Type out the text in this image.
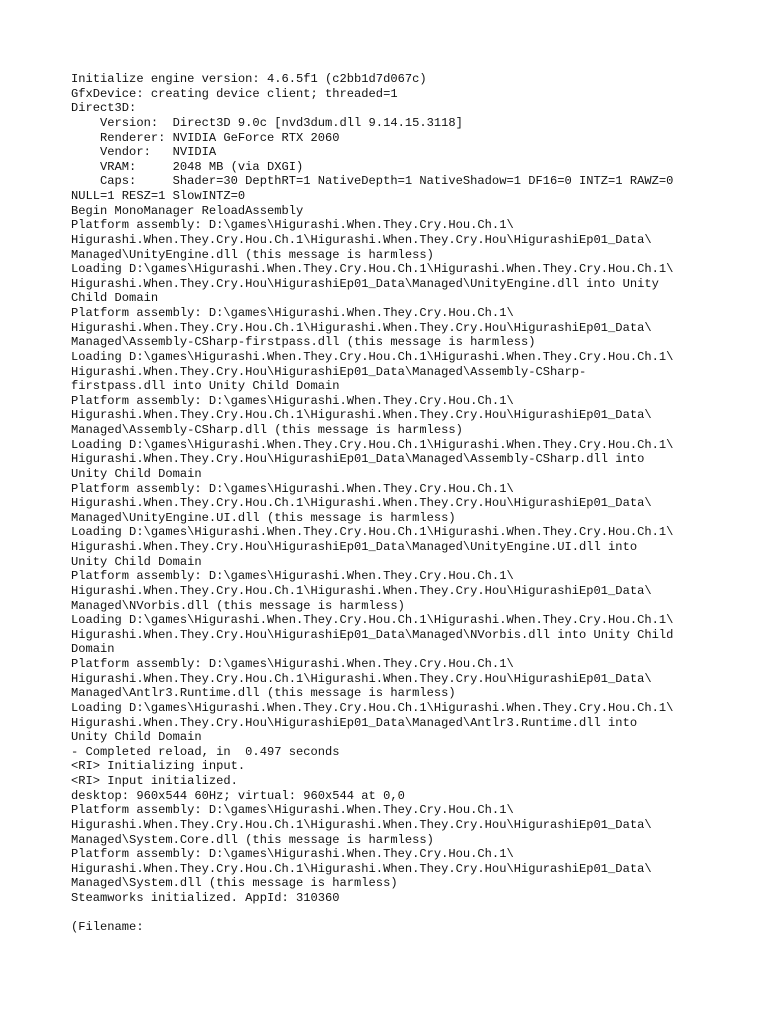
Initialize engine version: 4.6.5f1 (c2bb1d7d067c)
GfxDevice: creating device client; threaded=1
Direct3D:
Version:  Direct3D 9.0c [nvd3dum.dll 9.14.15.3118]
Renderer: NVIDIA GeForce RTX 2060
Vendor:   NVIDIA
VRAM:     2048 MB (via DXGI)
Caps:     Shader=30 DepthRT=1 NativeDepth=1 NativeShadow=1 DF16=0 INTZ=1 RAWZ=0
NULL=1 RESZ=1 SlowINTZ=0
Begin MonoManager ReloadAssembly
Platform assembly: D:\games\Higurashi.When.They.Cry.Hou.Ch.1\
Higurashi.When.They.Cry.Hou.Ch.1\Higurashi.When.They.Cry.Hou\HigurashiEp01_Data\
Managed\UnityEngine.dll (this message is harmless)
Loading D:\games\Higurashi.When.They.Cry.Hou.Ch.1\Higurashi.When.They.Cry.Hou.Ch.1\
Higurashi.When.They.Cry.Hou\HigurashiEp01_Data\Managed\UnityEngine.dll into Unity
Child Domain
Platform assembly: D:\games\Higurashi.When.They.Cry.Hou.Ch.1\
Higurashi.When.They.Cry.Hou.Ch.1\Higurashi.When.They.Cry.Hou\HigurashiEp01_Data\
Managed\Assembly-CSharp-firstpass.dll (this message is harmless)
Loading D:\games\Higurashi.When.They.Cry.Hou.Ch.1\Higurashi.When.They.Cry.Hou.Ch.1\
Higurashi.When.They.Cry.Hou\HigurashiEp01_Data\Managed\Assembly-CSharp-
firstpass.dll into Unity Child Domain
Platform assembly: D:\games\Higurashi.When.They.Cry.Hou.Ch.1\
Higurashi.When.They.Cry.Hou.Ch.1\Higurashi.When.They.Cry.Hou\HigurashiEp01_Data\
Managed\Assembly-CSharp.dll (this message is harmless)
Loading D:\games\Higurashi.When.They.Cry.Hou.Ch.1\Higurashi.When.They.Cry.Hou.Ch.1\
Higurashi.When.They.Cry.Hou\HigurashiEp01_Data\Managed\Assembly-CSharp.dll into
Unity Child Domain
Platform assembly: D:\games\Higurashi.When.They.Cry.Hou.Ch.1\
Higurashi.When.They.Cry.Hou.Ch.1\Higurashi.When.They.Cry.Hou\HigurashiEp01_Data\
Managed\UnityEngine.UI.dll (this message is harmless)
Loading D:\games\Higurashi.When.They.Cry.Hou.Ch.1\Higurashi.When.They.Cry.Hou.Ch.1\
Higurashi.When.They.Cry.Hou\HigurashiEp01_Data\Managed\UnityEngine.UI.dll into
Unity Child Domain
Platform assembly: D:\games\Higurashi.When.They.Cry.Hou.Ch.1\
Higurashi.When.They.Cry.Hou.Ch.1\Higurashi.When.They.Cry.Hou\HigurashiEp01_Data\
Managed\NVorbis.dll (this message is harmless)
Loading D:\games\Higurashi.When.They.Cry.Hou.Ch.1\Higurashi.When.They.Cry.Hou.Ch.1\
Higurashi.When.They.Cry.Hou\HigurashiEp01_Data\Managed\NVorbis.dll into Unity Child
Domain
Platform assembly: D:\games\Higurashi.When.They.Cry.Hou.Ch.1\
Higurashi.When.They.Cry.Hou.Ch.1\Higurashi.When.They.Cry.Hou\HigurashiEp01_Data\
Managed\Antlr3.Runtime.dll (this message is harmless)
Loading D:\games\Higurashi.When.They.Cry.Hou.Ch.1\Higurashi.When.They.Cry.Hou.Ch.1\
Higurashi.When.They.Cry.Hou\HigurashiEp01_Data\Managed\Antlr3.Runtime.dll into
Unity Child Domain
- Completed reload, in  0.497 seconds
<RI> Initializing input.
<RI> Input initialized.
desktop: 960x544 60Hz; virtual: 960x544 at 0,0
Platform assembly: D:\games\Higurashi.When.They.Cry.Hou.Ch.1\
Higurashi.When.They.Cry.Hou.Ch.1\Higurashi.When.They.Cry.Hou\HigurashiEp01_Data\
Managed\System.Core.dll (this message is harmless)
Platform assembly: D:\games\Higurashi.When.They.Cry.Hou.Ch.1\
Higurashi.When.They.Cry.Hou.Ch.1\Higurashi.When.They.Cry.Hou\HigurashiEp01_Data\
Managed\System.dll (this message is harmless)
Steamworks initialized. AppId: 310360
(Filename:
